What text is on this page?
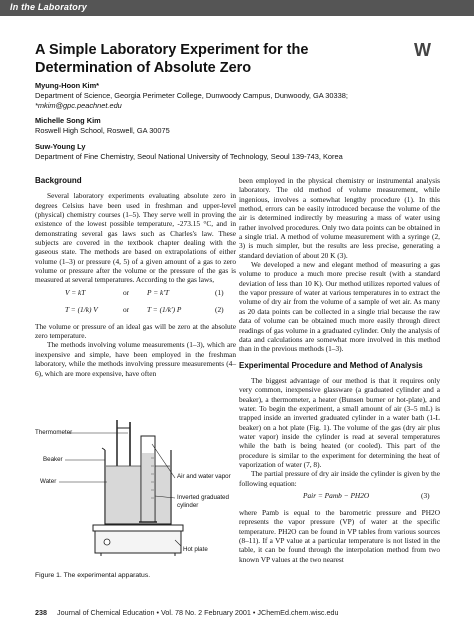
In the Laboratory
A Simple Laboratory Experiment for the Determination of Absolute Zero
W
Myung-Hoon Kim*
Department of Science, Georgia Perimeter College, Dunwoody Campus, Dunwoody, GA 30338;
*mkim@gpc.peachnet.edu
Michelle Song Kim
Roswell High School, Roswell, GA 30075
Suw-Young Ly
Department of Fine Chemistry, Seoul National University of Technology, Seoul 139-743, Korea
Background

Several laboratory experiments evaluating absolute zero in degrees Celsius have been used in freshman and upper-level (physical) chemistry courses (1–5). They serve well in proving the existence of the lowest possible temperature, -273.15 °C, and in demonstrating several gas laws such as Charles's law. These subjects are covered in the textbook chapter dealing with the gaseous state. The methods are based on extrapolations of either volume (1–3) or pressure (4, 5) of a given amount of a gas to zero volume or pressure after the volume or the pressure of the gas is measured at several temperatures. According to the gas laws,

V = kT	or P = k′T	(1)
T = (1/k) V	or T = (1/k′) P	(2)

The volume or pressure of an ideal gas will be zero at the absolute zero temperature.

The methods involving volume measurements (1–3), which are inexpensive and simple, have been employed in the freshman laboratory, while the methods involving pressure measurements (4–6), which are more expensive, have often

Thermometer
Beaker
Water
Air and water vapor
Inverted graduated cylinder
Hot plate
Figure 1. The experimental apparatus.

been employed in the physical chemistry or instrumental analysis laboratory. The old method of volume measurement, while ingenious, involves a somewhat lengthy procedure (1). In this method, errors can be easily introduced because the volume of the air is determined indirectly by measuring a mass of water using rather involved procedures. Only two data points can be obtained in a single trial. A method of volume measurement with a syringe (2, 3) is much simpler, but the results are less precise, generating a standard deviation of about 20 K (3).

We developed a new and elegant method of measuring a gas volume to produce a much more precise result (with a standard deviation of less than 10 K). Our method utilizes reported values of the vapor pressure of water at various temperatures in to extract the volume of dry air from the volume of a sample of wet air. As many as 20 data points can be collected in a single trial because the raw data of volume can be obtained much more easily through direct readings of gas volume in a graduated cylinder. Only the analysis of data and calculations are somewhat more involved in this method than in the previous methods (1–3).

Experimental Procedure and Method of Analysis

The biggest advantage of our method is that it requires only very common, inexpensive glassware (a graduated cylinder and a beaker), a thermometer, a heater (Bunsen burner or hot-plate), and water. To begin the experiment, a small amount of air (3–5 mL) is trapped inside an inverted graduated cylinder in a water bath (1-L beaker) on a hot plate (Fig. 1). The volume of the gas (dry air plus water vapor) inside the cylinder is read at several temperatures while the bath is being heated (or cooled). This part of the procedure is similar to the experiment for determining the heat of vaporization of water (7, 8).

The partial pressure of dry air inside the cylinder is given by the following equation:

Pair = Pamb − PH2O	(3)

where Pamb is equal to the barometric pressure and PH2O represents the vapor pressure (VP) of water at the specific temperature. PH2O can be found in VP tables from various sources (8–11). If a VP value at a particular temperature is not listed in the table, it can be found through the interpolation method from two known VP values at the two nearest

238 Journal of Chemical Education • Vol. 78 No. 2 February 2001 • JChemEd.chem.wisc.edu
